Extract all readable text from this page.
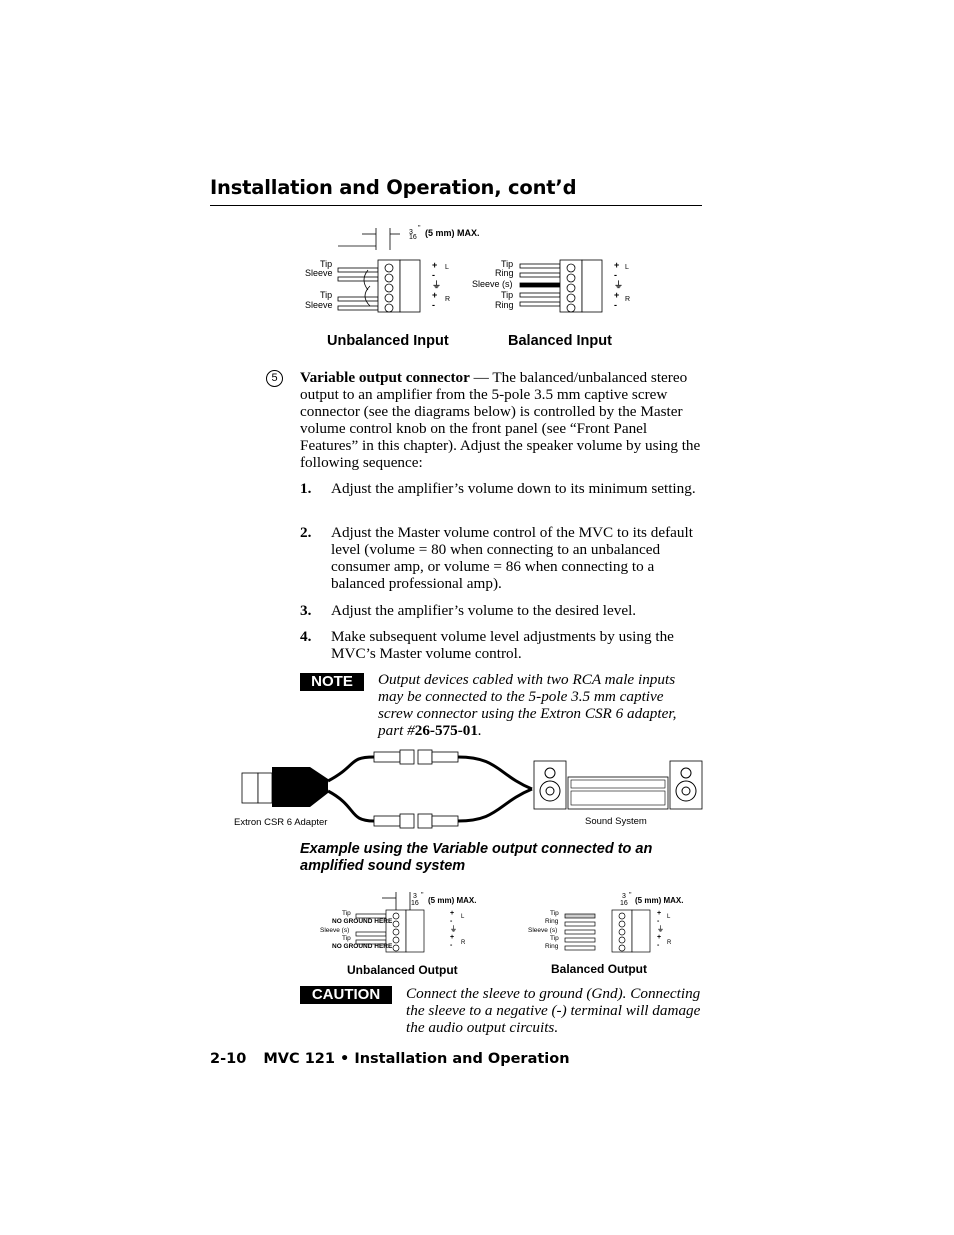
Installation and Operation, cont’d
3
16
" (5 mm) MAX.
Tip
Sleeve
Tip
Sleeve
+
-
⏚
+
-
L
R
Tip
Ring
Sleeve (s)
Tip
Ring
+
-
⏚
+
-
L
R
Unbalanced Input	Balanced Input
5	Variable output connector — The balanced/unbalanced stereo output to an amplifier from the 5-pole 3.5 mm captive screw connector (see the diagrams below) is controlled by the Master volume control knob on the front panel (see “Front Panel Features” in this chapter). Adjust the speaker volume by using the following sequence:
1. Adjust the amplifier’s volume down to its minimum setting.
2. Adjust the Master volume control of the MVC to its default level (volume = 80 when connecting to an unbalanced consumer amp, or volume = 86 when connecting to a balanced professional amp).
3. Adjust the amplifier’s volume to the desired level.
4. Make subsequent volume level adjustments by using the MVC’s Master volume control.
NOTE	Output devices cabled with two RCA male inputs may be connected to the 5-pole 3.5 mm captive screw connector using the Extron CSR 6 adapter, part #26-575-01.
Extron CSR 6 Adapter	Sound System
Example using the Variable output connected to an amplified sound system
3
16
"
(5 mm) MAX.	3
16
"
(5 mm) MAX.
Tip
NO GROUND HERE
Sleeve (s)
Tip
NO GROUND HERE
+
-
⏚
+
-
L
R
Tip
Ring
Sleeve (s)
Tip
Ring
+
-
⏚
+
-
L
R
Unbalanced Output	Balanced Output
CAUTION	Connect the sleeve to ground (Gnd). Connecting the sleeve to a negative (-) terminal will damage the audio output circuits.
2-10 MVC 121 • Installation and Operation
